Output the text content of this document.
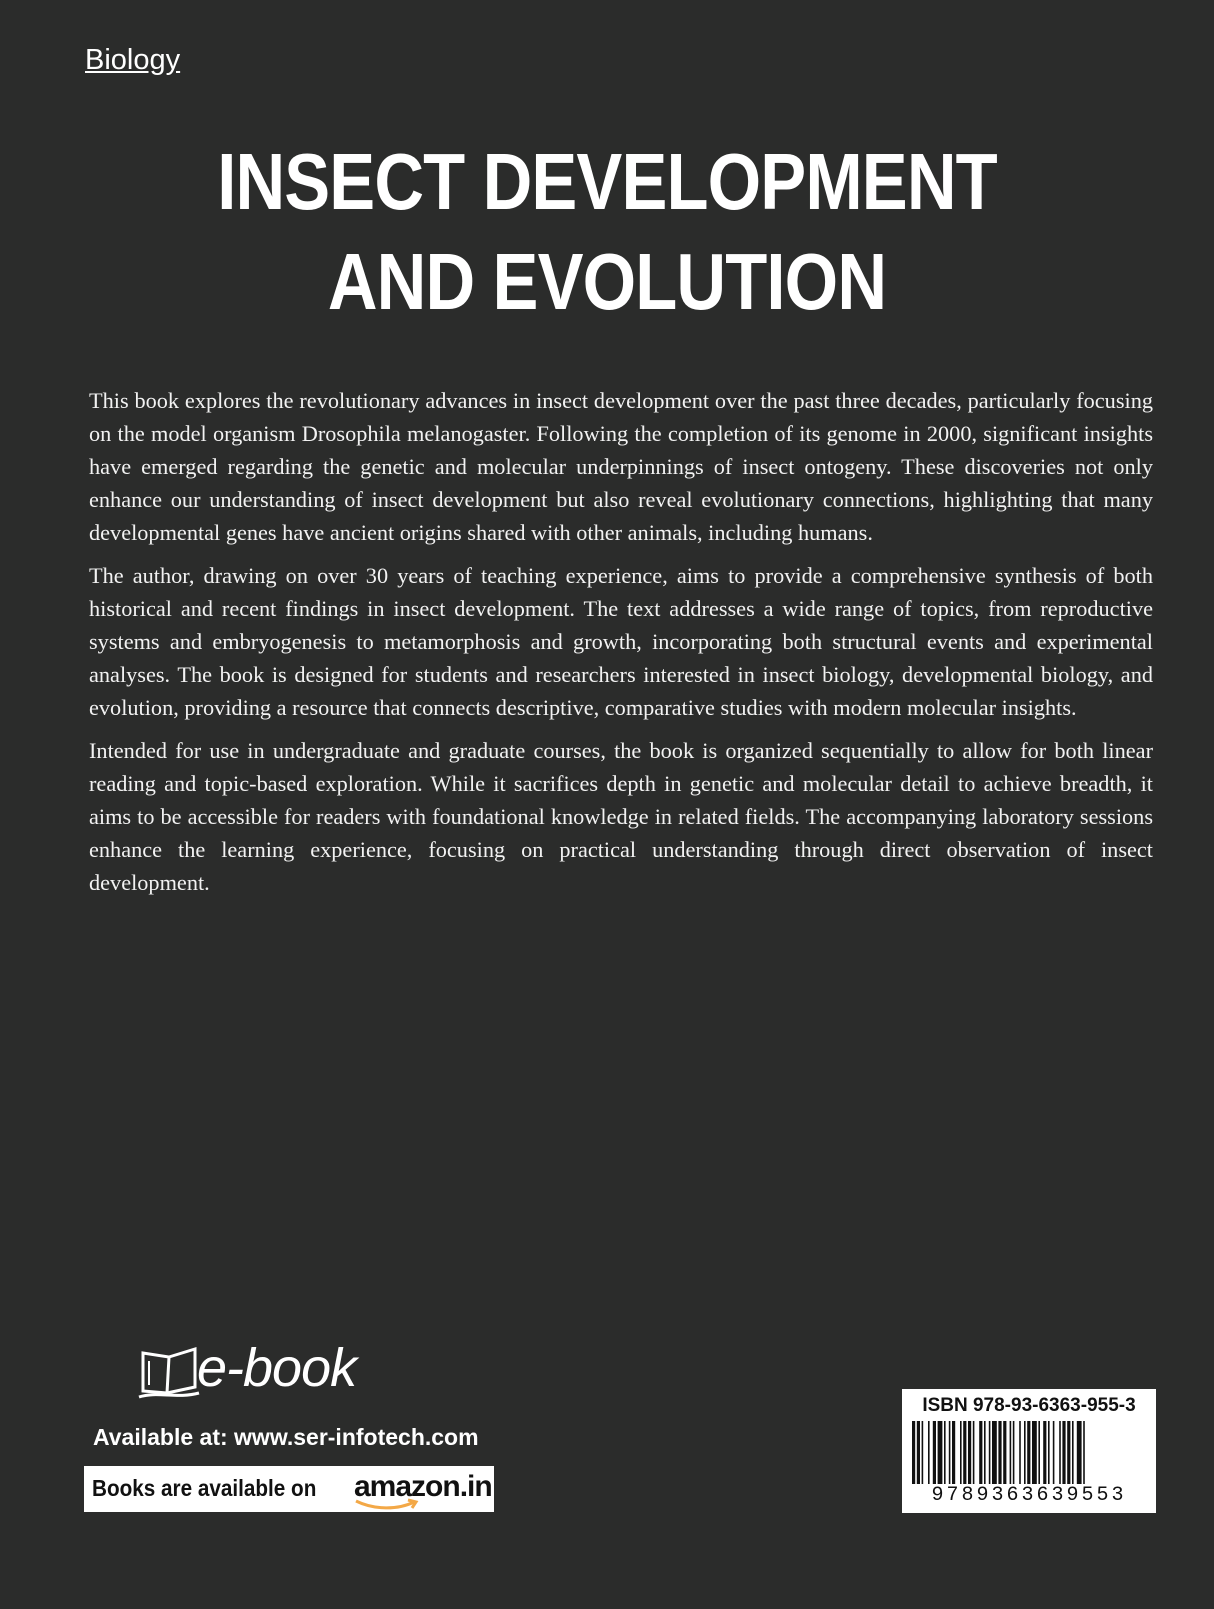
Biology
INSECT DEVELOPMENT
AND EVOLUTION

This book explores the revolutionary advances in insect development over the past three decades, particularly focusing on the model organism Drosophila melanogaster. Following the completion of its genome in 2000, significant insights have emerged regarding the genetic and molecular underpinnings of insect ontogeny. These discoveries not only enhance our understanding of insect development but also reveal evolutionary connections, highlighting that many developmental genes have ancient origins shared with other animals, including humans.

The author, drawing on over 30 years of teaching experience, aims to provide a comprehensive synthesis of both historical and recent findings in insect development. The text addresses a wide range of topics, from reproductive systems and embryogenesis to metamorphosis and growth, incorporating both structural events and experimental analyses. The book is designed for students and researchers interested in insect biology, developmental biology, and evolution, providing a resource that connects descriptive, comparative studies with modern molecular insights.

Intended for use in undergraduate and graduate courses, the book is organized sequentially to allow for both linear reading and topic-based exploration. While it sacrifices depth in genetic and molecular detail to achieve breadth, it aims to be accessible for readers with foundational knowledge in related fields. The accompanying laboratory sessions enhance the learning experience, focusing on practical understanding through direct observation of insect development.

e-book
Available at: www.ser-infotech.com
Books are available on amazon.in
ISBN 978-93-6363-955-3
9789363639553
